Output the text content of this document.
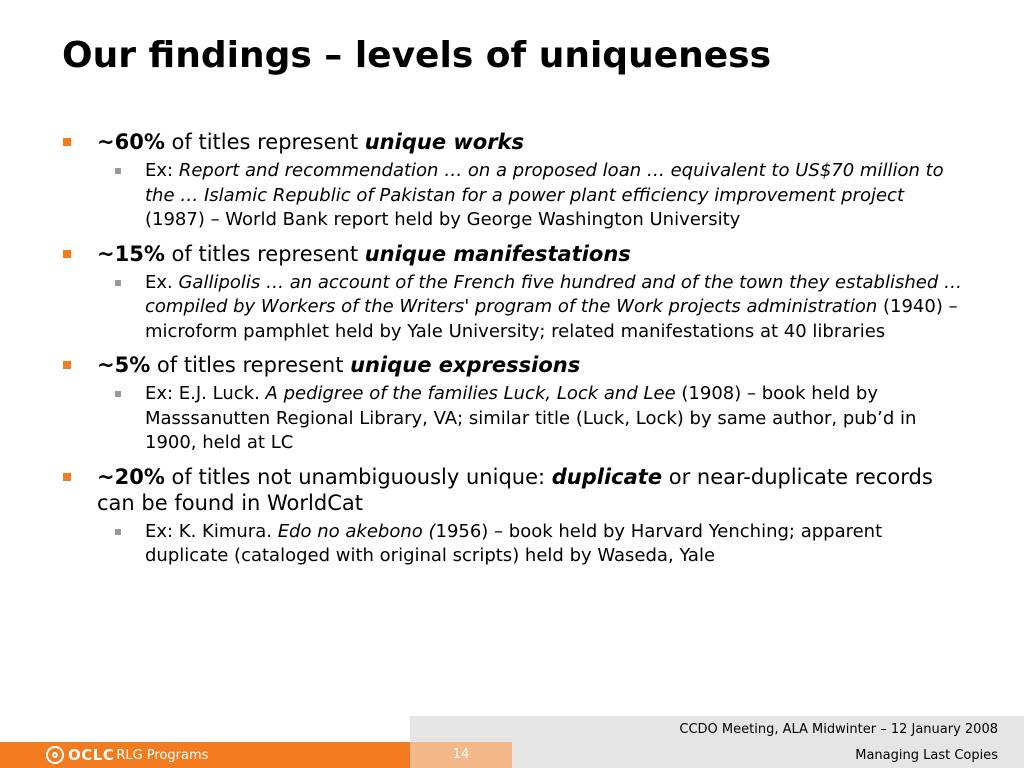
Our findings – levels of uniqueness
~60% of titles represent unique works
Ex: Report and recommendation … on a proposed loan … equivalent to US$70 million to the … Islamic Republic of Pakistan for a power plant efficiency improvement project (1987) – World Bank report held by George Washington University
~15% of titles represent unique manifestations
Ex. Gallipolis … an account of the French five hundred and of the town they established … compiled by Workers of the Writers' program of the Work projects administration (1940) – microform pamphlet held by Yale University; related manifestations at 40 libraries
~5% of titles represent unique expressions
Ex: E.J. Luck. A pedigree of the families Luck, Lock and Lee (1908) – book held by Masssanutten Regional Library, VA; similar title (Luck, Lock) by same author, pub’d in 1900, held at LC
~20% of titles not unambiguously unique: duplicate or near-duplicate records can be found in WorldCat
Ex: K. Kimura. Edo no akebono (1956) – book held by Harvard Yenching; apparent duplicate (cataloged with original scripts) held by Waseda, Yale
14
CCDO Meeting, ALA Midwinter – 12 January 2008
Managing Last Copies
OCLC RLG Programs
